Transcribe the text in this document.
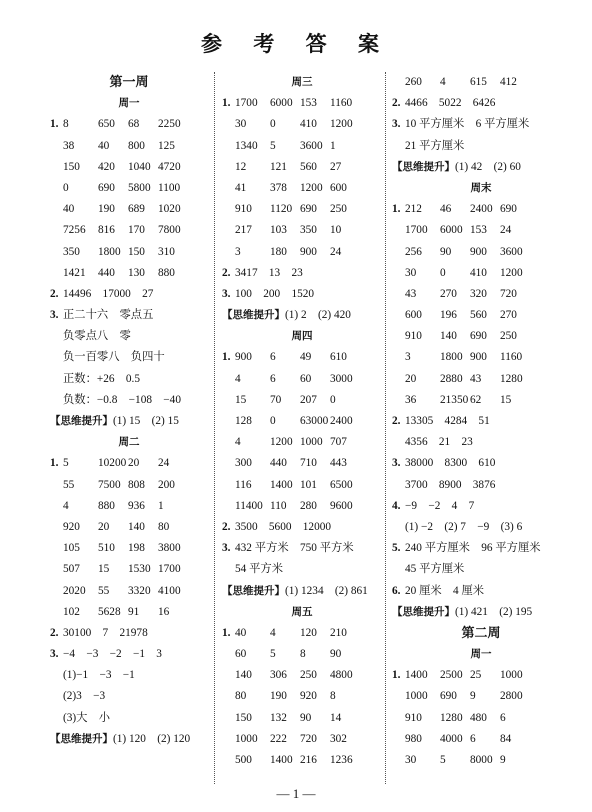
参 考 答 案
第一周
周一
1. 8	650 68 2250
38 40 800 125
150 420 1040 4720
0	690 5800 1100
40 190 689 1020
7256 816 170 7800
350 1800 150 310
1421 440 130 880
2. 14496　17000　27
3. 正二十六　零点五
负零点八　零
负一百零八　负四十
正数：+26　0.5
负数：−0.8　−108　−40
【思维提升】(1) 15　(2) 15
周二
1. 5	10200 20 24
55 7500 808 200
4	880 936 1
920 20 140 80
105 510 198 3800
507 15 1530 1700
2020 55 3320 4100
102 5628 91 16
2. 30100　7　21978
3. −4　−3　−2　−1　3
(1)−1　−3　−1
(2)3　−3
(3)大　小
【思维提升】(1) 120　(2) 120
周三
1. 1700 6000 153 1160
30 0 410 1200
1340 5 3600 1
12 121 560 27
41 378 1200 600
910 1120 690 250
217 103 350 10
3	180 900 24
2. 3417　13　23
3. 100　200　1520
【思维提升】(1) 2　(2) 420
周四
1. 900 6 49 610
4	6 60 3000
15 70 207 0
128 0 63000 2400
4	1200 1000 707
300 440 710 443
116 1400 101 6500
11400 110 280 9600
2. 3500　5600　12000
3. 432 平方米　750 平方米
54 平方米
【思维提升】(1) 1234　(2) 861
周五
1. 40 4 120 210
60 5 8 90
140 306 250 4800
80 190 920 8
150 132 90 14
1000 222 720 302
500 1400 216 1236
260 4 615 412
2. 4466　5022　6426
3. 10 平方厘米　6 平方厘米
21 平方厘米
【思维提升】(1) 42　(2) 60
周末
1. 212 46 2400 690
1700 6000 153 24
256 90 900 3600
30 0 410 1200
43 270 320 720
600 196 560 270
910 140 690 250
3	1800 900 1160
20 2880 43 1280
36 21350 62 15
2. 13305　4284　51
4356　21　23
3. 38000　8300　610
3700　8900　3876
4. −9　−2　4　7
(1) −2　(2) 7　−9　(3) 6
5. 240 平方厘米　96 平方厘米
45 平方厘米
6. 20 厘米　4 厘米
【思维提升】(1) 421　(2) 195
第二周
周一
1. 1400 2500 25 1000
1000 690 9 2800
910 1280 480 6
980 4000 6 84
30 5 8000 9
— 1 —
